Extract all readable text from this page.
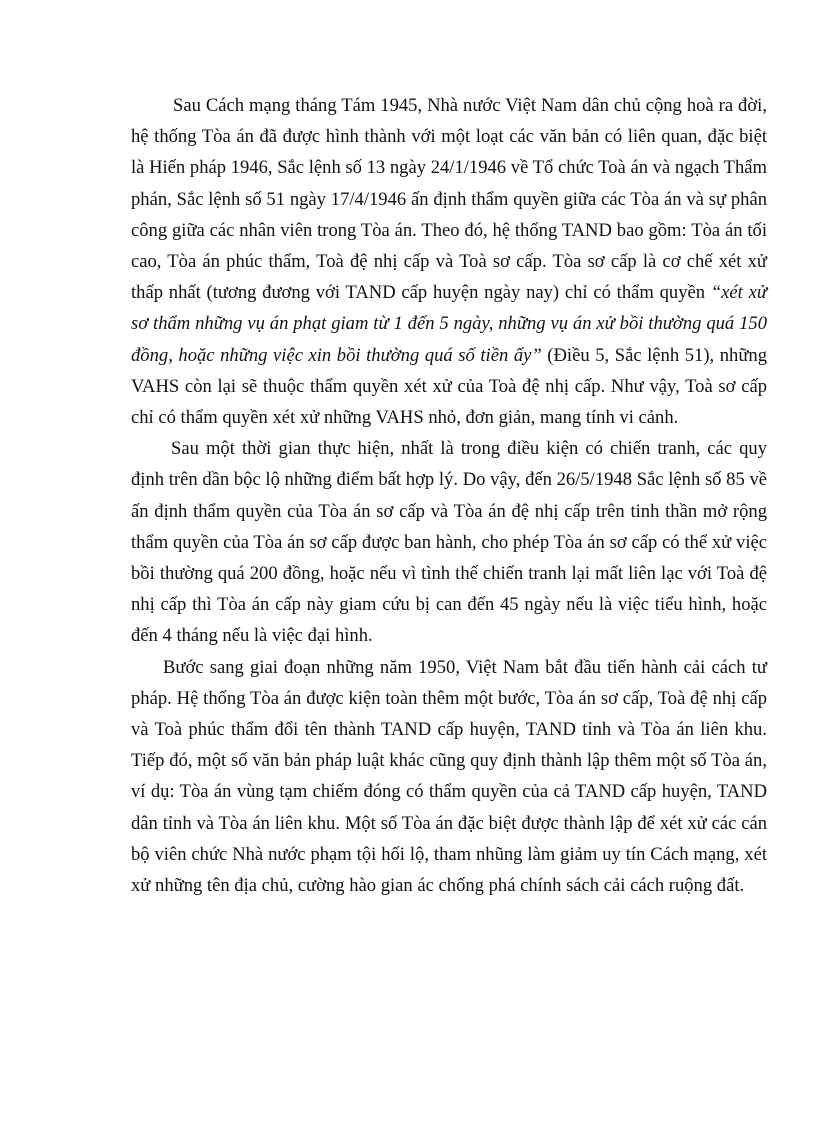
Sau Cách mạng tháng Tám 1945, Nhà nước Việt Nam dân chủ cộng hoà ra đời, hệ thống Tòa án đã được hình thành với một loạt các văn bản có liên quan, đặc biệt là Hiến pháp 1946, Sắc lệnh số 13 ngày 24/1/1946 về Tổ chức Toà án và ngạch Thẩm phán, Sắc lệnh số 51 ngày 17/4/1946 ấn định thẩm quyền giữa các Tòa án và sự phân công giữa các nhân viên trong Tòa án. Theo đó, hệ thống TAND bao gồm: Tòa án tối cao, Tòa án phúc thẩm, Toà đệ nhị cấp và Toà sơ cấp. Tòa sơ cấp là cơ chế xét xử thấp nhất (tương đương với TAND cấp huyện ngày nay) chỉ có thẩm quyền “xét xử sơ thẩm những vụ án phạt giam từ 1 đến 5 ngày, những vụ án xử bồi thường quá 150 đồng, hoặc những việc xin bồi thường quá số tiền ấy” (Điều 5, Sắc lệnh 51), những VAHS còn lại sẽ thuộc thẩm quyền xét xử của Toà đệ nhị cấp. Như vậy, Toà sơ cấp chỉ có thẩm quyền xét xử những VAHS nhỏ, đơn giản, mang tính vi cảnh.

Sau một thời gian thực hiện, nhất là trong điều kiện có chiến tranh, các quy định trên dần bộc lộ những điểm bất hợp lý. Do vậy, đến 26/5/1948 Sắc lệnh số 85 về ấn định thẩm quyền của Tòa án sơ cấp và Tòa án đệ nhị cấp trên tinh thần mở rộng thẩm quyền của Tòa án sơ cấp được ban hành, cho phép Tòa án sơ cấp có thể xử việc bồi thường quá 200 đồng, hoặc nếu vì tình thế chiến tranh lại mất liên lạc với Toà đệ nhị cấp thì Tòa án cấp này giam cứu bị can đến 45 ngày nếu là việc tiểu hình, hoặc đến 4 tháng nếu là việc đại hình.

Bước sang giai đoạn những năm 1950, Việt Nam bắt đầu tiến hành cải cách tư pháp. Hệ thống Tòa án được kiện toàn thêm một bước, Tòa án sơ cấp, Toà đệ nhị cấp và Toà phúc thẩm đổi tên thành TAND cấp huyện, TAND tỉnh và Tòa án liên khu. Tiếp đó, một số văn bản pháp luật khác cũng quy định thành lập thêm một số Tòa án, ví dụ: Tòa án vùng tạm chiếm đóng có thẩm quyền của cả TAND cấp huyện, TAND dân tỉnh và Tòa án liên khu. Một số Tòa án đặc biệt được thành lập để xét xử các cán bộ viên chức Nhà nước phạm tội hối lộ, tham nhũng làm giảm uy tín Cách mạng, xét xử những tên địa chủ, cường hào gian ác chống phá chính sách cải cách ruộng đất.
